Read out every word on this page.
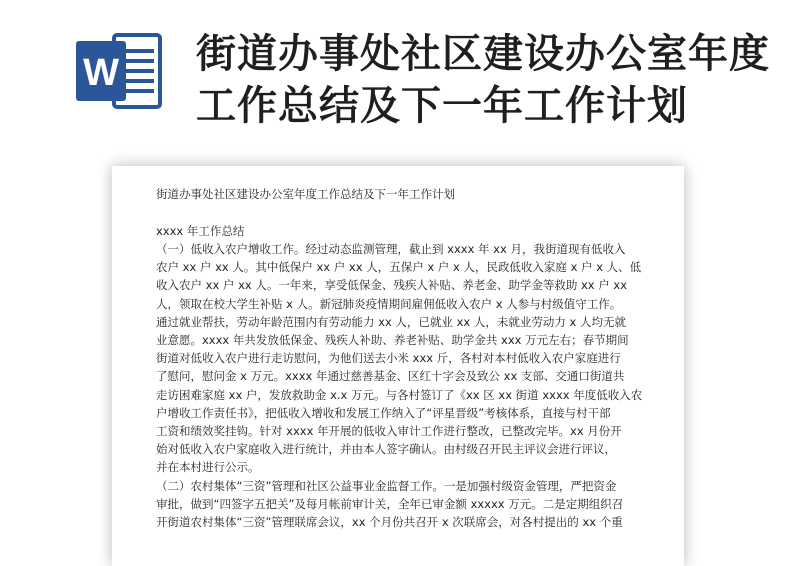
W 街道办事处社区建设办公室年度
工作总结及下一年工作计划
街道办事处社区建设办公室年度工作总结及下一年工作计划
xxxx 年工作总结
（一）低收入农户增收工作。经过动态监测管理，截止到 xxxx 年 xx 月，我街道现有低收入
农户 xx 户 xx 人。其中低保户 xx 户 xx 人，五保户 x 户 x 人，民政低收入家庭 x 户 x 人、低
收入农户 xx 户 xx 人。一年来，享受低保金、残疾人补贴、养老金、助学金等救助 xx 户 xx
人，领取在校大学生补贴 x 人。新冠肺炎疫情期间雇佣低收入农户 x 人参与村级值守工作。
通过就业帮扶，劳动年龄范围内有劳动能力 xx 人，已就业 xx 人，未就业劳动力 x 人均无就
业意愿。xxxx 年共发放低保金、残疾人补助、养老补贴、助学金共 xxx 万元左右；春节期间
街道对低收入农户进行走访慰问，为他们送去小米 xxx 斤，各村对本村低收入农户家庭进行
了慰问，慰问金 x 万元。xxxx 年通过慈善基金、区红十字会及致公 xx 支部、交通口街道共
走访困难家庭 xx 户，发放救助金 x.x 万元。与各村签订了《xx 区 xx 街道 xxxx 年度低收入农
户增收工作责任书》，把低收入增收和发展工作纳入了“评星晋级”考核体系，直接与村干部
工资和绩效奖挂钩。针对 xxxx 年开展的低收入审计工作进行整改，已整改完毕。xx 月份开
始对低收入农户家庭收入进行统计，并由本人签字确认。由村级召开民主评议会进行评议，
并在本村进行公示。
（二）农村集体“三资”管理和社区公益事业金监督工作。一是加强村级资金管理，严把资金
审批，做到“四签字五把关”及每月帐前审计关，全年已审金额 xxxxx 万元。二是定期组织召
开街道农村集体“三资”管理联席会议，xx 个月份共召开 x 次联席会，对各村提出的 xx 个重
